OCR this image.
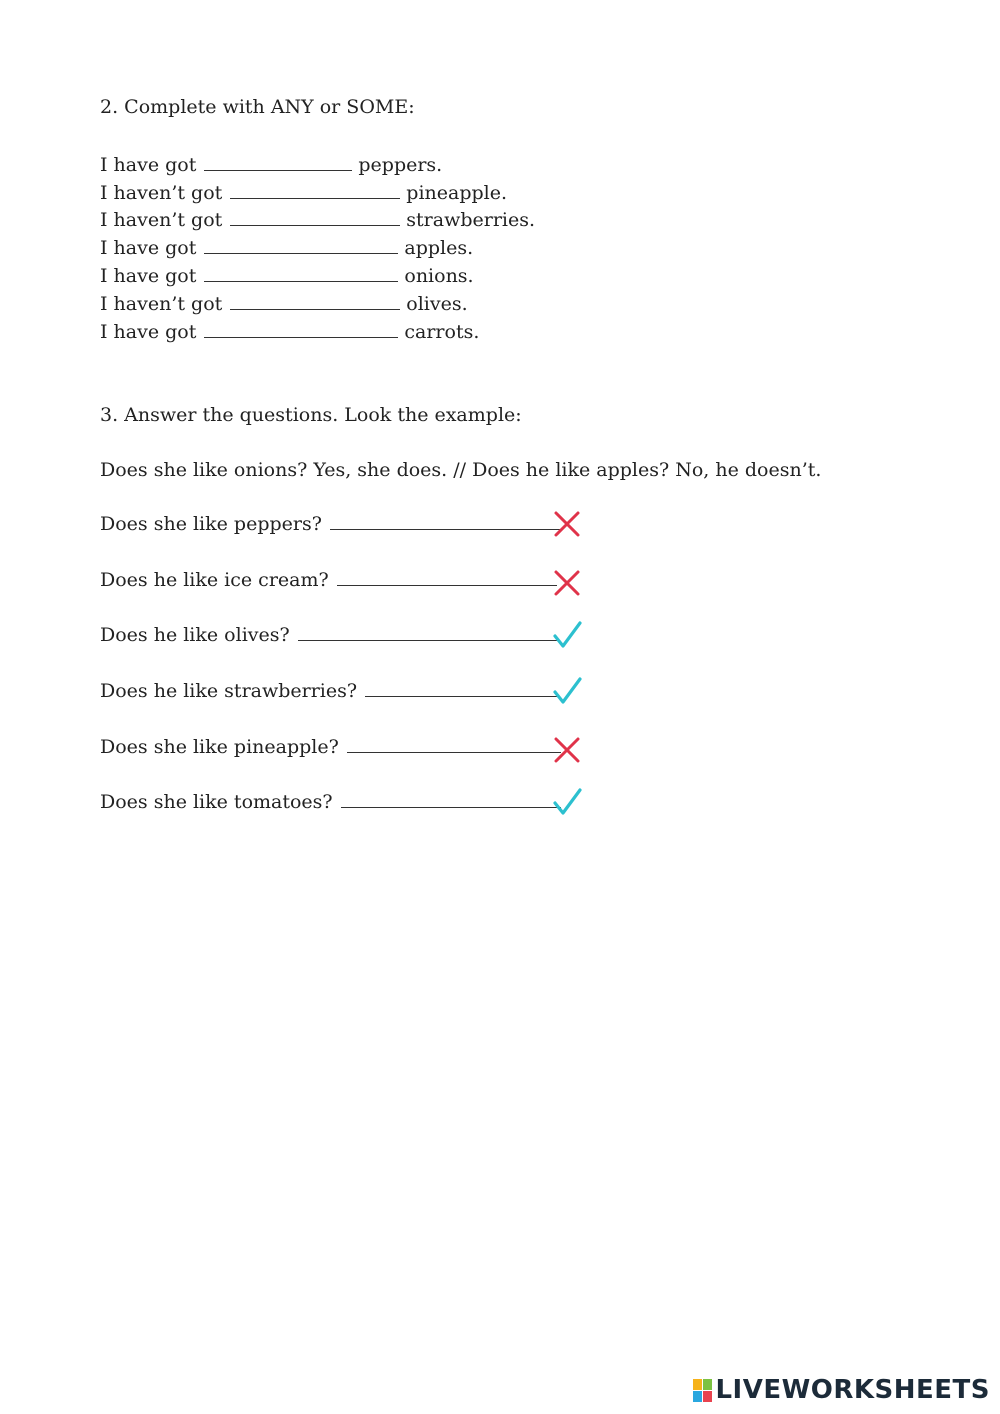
2. Complete with ANY or SOME:
I have got	peppers.
I haven’t got	pineapple.
I haven’t got	strawberries.
I have got	apples.
I have got	onions.
I haven’t got	olives.
I have got	carrots.
3. Answer the questions. Look the example:
Does she like onions? Yes, she does. // Does he like apples? No, he doesn’t.
Does she like peppers?
Does he like ice cream?
Does he like olives?
Does he like strawberries?
Does she like pineapple?
Does she like tomatoes?
LIVEWORKSHEETS
